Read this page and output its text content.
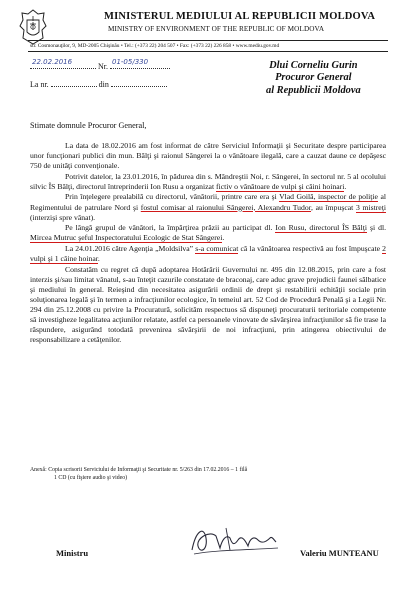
MINISTERUL MEDIULUI AL REPUBLICII MOLDOVA
MINISTRY OF ENVIRONMENT OF THE REPUBLIC OF MOLDOVA
str. Cosmonauţilor, 9, MD-2005 Chişinău • Tel.: (+373 22) 204 507 • Fax: (+373 22) 226 858 • www.mediu.gov.md
22.02.2016	Nr. 01-05/330
La nr.	din
Dlui Corneliu Gurin
Procuror General
al Republicii Moldova
Stimate domnule Procuror General,

La data de 18.02.2016 am fost informat de către Serviciul Informaţii şi Securitate despre participarea unor funcţionari publici din mun. Bălţi şi raionul Sângerei la o vânătoare ilegală, care a cauzat daune ce depăşesc 750 de unităţi convenţionale.

Potrivit datelor, la 23.01.2016, în pădurea din s. Mândreştii Noi, r. Sângerei, în sectorul nr. 5 al ocolului silvic ÎS Bălţi, directorul întreprinderii Ion Rusu a organizat fictiv o vânătoare de vulpi şi câini hoinari.

Prin înţelegere prealabilă cu directorul, vânătorii, printre care era şi Vlad Goilă, inspector de poliţie al Regimentului de patrulare Nord şi fostul comisar al raionului Sângerei, Alexandru Tudor, au împuşcat 3 mistreţi (interzişi spre vânat).

Pe lângă grupul de vânători, la împărţirea prăzii au participat dl. Ion Rusu, directorul ÎS Bălţi şi dl. Mircea Mutruc şeful Inspectoratului Ecologic de Stat Sângerei.

La 24.01.2016 către Agenţia „Moldsilva” s-a comunicat că la vânătoarea respectivă au fost împuşcate 2 vulpi şi 1 câine hoinar.

Constatăm cu regret că după adoptarea Hotărârii Guvernului nr. 495 din 12.08.2015, prin care a fost interzis şi/sau limitat vânatul, s-au înteţit cazurile constatate de braconaj, care aduc grave prejudicii faunei sălbatice şi mediului în general. Reieşind din necesitatea asigurării ordinii de drept şi restabilirii echităţii sociale prin soluţionarea legală şi în termen a infracţiunilor ecologice, în temeiul art. 52 Cod de Procedură Penală şi a Legii Nr. 294 din 25.12.2008 cu privire la Procuratură, solicităm respectuos să dispuneţi procuraturii teritoriale competente să investigheze legalitatea acţiunilor relatate, astfel ca persoanele vinovate de săvârşirea infracţiunilor să fie trase la răspundere, asigurând totodată prevenirea săvârşirii de noi infracţiuni, prin atingerea obiectivului de responsabilizare a cetăţenilor.

Anexă: Copia scrisorii Serviciului de Informaţii şi Securitate nr. 5/263 din 17.02.2016 – 1 filă
1 CD (cu fişiere audio şi video)
Ministru	Valeriu MUNTEANU
